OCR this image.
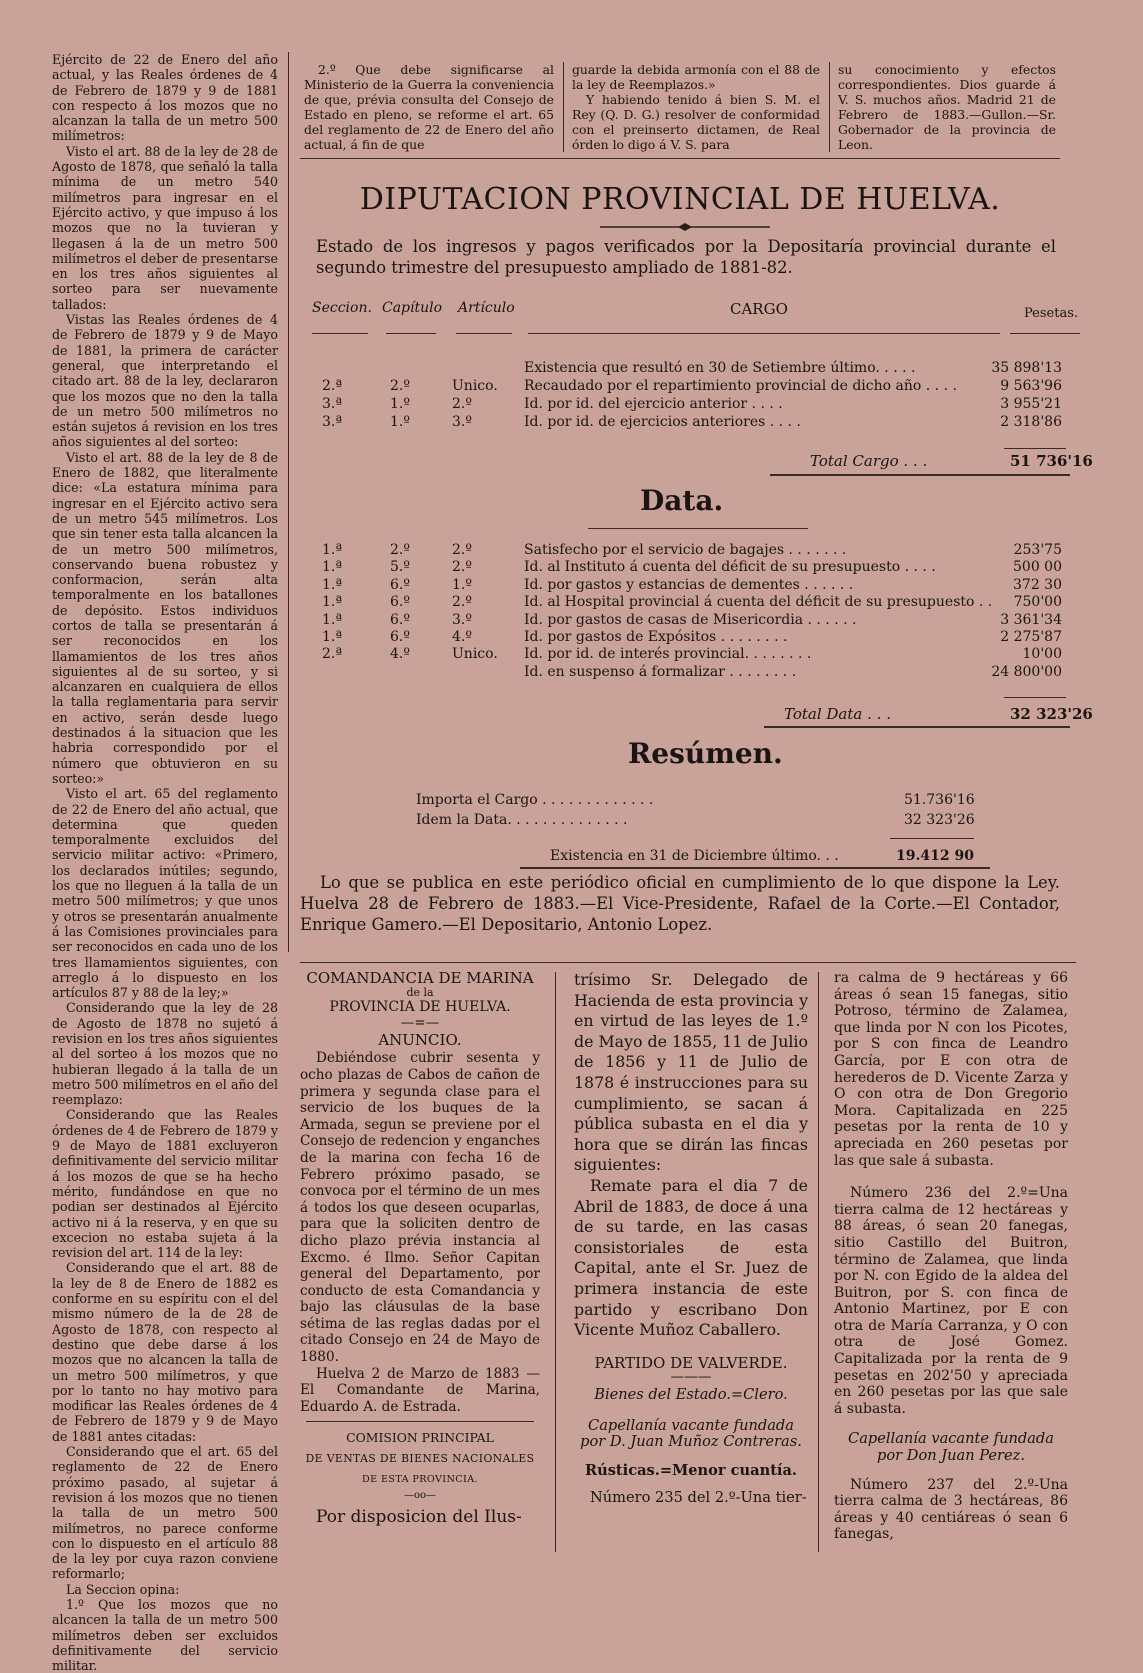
Ejército de 22 de Enero del año actual, y las Reales órdenes de 4 de Febrero de 1879 y 9 de 1881 con respecto á los mozos que no alcanzan la talla de un metro 500 milímetros:

Visto el art. 88 de la ley de 28 de Agosto de 1878, que señaló la talla mínima de un metro 540 milímetros para ingresar en el Ejército activo, y que impuso á los mozos que no la tuvieran y llegasen á la de un metro 500 milímetros el deber de presentarse en los tres años siguientes al sorteo para ser nuevamente tallados:

Vistas las Reales órdenes de 4 de Febrero de 1879 y 9 de Mayo de 1881, la primera de carácter general, que interpretando el citado art. 88 de la ley, declararon que los mozos que no den la talla de un metro 500 milímetros no están sujetos á revision en los tres años siguientes al del sorteo:

Visto el art. 88 de la ley de 8 de Enero de 1882, que literalmente dice: «La estatura mínima para ingresar en el Ejército activo sera de un metro 545 milímetros. Los que sin tener esta talla alcancen la de un metro 500 milímetros, conservando buena robustez y conformacion, serán alta temporalmente en los batallones de depósito. Estos individuos cortos de talla se presentarán á ser reconocidos en los llamamientos de los tres años siguientes al de su sorteo, y si alcanzaren en cualquiera de ellos la talla reglamentaria para servir en activo, serán desde luego destinados á la situacion que les habria correspondido por el número que obtuvieron en su sorteo:»

Visto el art. 65 del reglamento de 22 de Enero del año actual, que determina que queden temporalmente excluidos del servicio militar activo: «Primero, los declarados inútiles; segundo, los que no lleguen á la talla de un metro 500 milímetros; y que unos y otros se presentarán anualmente á las Comisiones provinciales para ser reconocidos en cada uno de los tres llamamientos siguientes, con arreglo á lo dispuesto en los artículos 87 y 88 de la ley;»

Considerando que la ley de 28 de Agosto de 1878 no sujetó á revision en los tres años siguientes al del sorteo á los mozos que no hubieran llegado á la talla de un metro 500 milímetros en el año del reemplazo:

Considerando que las Reales órdenes de 4 de Febrero de 1879 y 9 de Mayo de 1881 excluyeron definitivamente del servicio militar á los mozos de que se ha hecho mérito, fundándose en que no podian ser destinados al Ejército activo ni á la reserva, y en que su excecion no estaba sujeta á la revision del art. 114 de la ley:

Considerando que el art. 88 de la ley de 8 de Enero de 1882 es conforme en su espíritu con el del mismo número de la de 28 de Agosto de 1878, con respecto al destino que debe darse á los mozos que no alcancen la talla de un metro 500 milímetros, y que por lo tanto no hay motivo para modificar las Reales órdenes de 4 de Febrero de 1879 y 9 de Mayo de 1881 antes citadas:

Considerando que el art. 65 del reglamento de 22 de Enero próximo pasado, al sujetar á revision á los mozos que no tienen la talla de un metro 500 milímetros, no parece conforme con lo dispuesto en el artículo 88 de la ley por cuya razon conviene reformarlo;

La Seccion opina:

1.º Que los mozos que no alcancen la talla de un metro 500 milímetros deben ser excluidos definitivamente del servicio militar.

2.º Que debe significarse al Ministerio de la Guerra la conveniencia de que, prévia consulta del Consejo de Estado en pleno, se reforme el art. 65 del reglamento de 22 de Enero del año actual, á fin de que

guarde la debida armonía con el 88 de la ley de Reemplazos.»

Y habiendo tenido á bien S. M. el Rey (Q. D. G.) resolver de conformidad con el preinserto dictamen, de Real órden lo digo á V. S. para

su conocimiento y efectos correspondientes. Dios guarde á V. S. muchos años. Madrid 21 de Febrero de 1883.—Gullon.—Sr. Gobernador de la provincia de Leon.

DIPUTACION PROVINCIAL DE HUELVA.
Estado de los ingresos y pagos verificados por la Depositaría provincial durante el segundo trimestre del presupuesto ampliado de 1881-82.
Seccion. Capítulo Artículo	CARGO	Pesetas.
Existencia que resultó en 30 de Setiembre último. . . . .	35 898'13
2.ª	2.º	Unico.	Recaudado por el repartimiento provincial de dicho año . . . .	9 563'96
3.ª	1.º	2.º	Id. por id. del ejercicio anterior . . . .	3 955'21
3.ª	1.º	3.º	Id. por id. de ejercicios anteriores . . . .	2 318'86
Total Cargo . . .	51 736'16
Data.
1.ª	2.º	2.º	Satisfecho por el servicio de bagajes . . . . . . .	253'75
1.ª	5.º	2.º	Id. al Instituto á cuenta del déficit de su presupuesto . . . .	500 00
1.ª	6.º	1.º	Id. por gastos y estancias de dementes . . . . . .	372 30
1.ª	6.º	2.º	Id. al Hospital provincial á cuenta del déficit de su presupuesto . .	750'00
1.ª	6.º	3.º	Id. por gastos de casas de Misericordia . . . . . .	3 361'34
1.ª	6.º	4.º	Id. por gastos de Expósitos . . . . . . . .	2 275'87
2.ª	4.º	Unico.	Id. por id. de interés provincial. . . . . . . .	10'00
Id. en suspenso á formalizar . . . . . . . .	24 800'00
Total Data . . .	32 323'26
Resúmen.
Importa el Cargo . . . . . . . . . . . . .	51.736'16
Idem la Data. . . . . . . . . . . . . .	32 323'26
Existencia en 31 de Diciembre último. . .	19.412 90

Lo que se publica en este periódico oficial en cumplimiento de lo que dispone la Ley. Huelva 28 de Febrero de 1883.—El Vice-Presidente, Rafael de la Corte.—El Contador, Enrique Gamero.—El Depositario, Antonio Lopez.

COMANDANCIA DE MARINA

de la

PROVINCIA DE HUELVA.

—=—

ANUNCIO.

Debiéndose cubrir sesenta y ocho plazas de Cabos de cañon de primera y segunda clase para el servicio de los buques de la Armada, segun se previene por el Consejo de redencion y enganches de la marina con fecha 16 de Febrero próximo pasado, se convoca por el término de un mes á todos los que deseen ocuparlas, para que la soliciten dentro de dicho plazo prévia instancia al Excmo. é Ilmo. Señor Capitan general del Departamento, por conducto de esta Comandancia y bajo las cláusulas de la base sétima de las reglas dadas por el citado Consejo en 24 de Mayo de 1880.

Huelva 2 de Marzo de 1883 — El Comandante de Marina, Eduardo A. de Estrada.

COMISION PRINCIPAL

DE VENTAS DE BIENES NACIONALES

DE ESTA PROVINCIA.

—oo—

Por disposicion del Ilus-

trísimo Sr. Delegado de Hacienda de esta provincia y en virtud de las leyes de 1.º de Mayo de 1855, 11 de Julio de 1856 y 11 de Julio de 1878 é instrucciones para su cumplimiento, se sacan á pública subasta en el dia y hora que se dirán las fincas siguientes:

Remate para el dia 7 de Abril de 1883, de doce á una de su tarde, en las casas consistoriales de esta Capital, ante el Sr. Juez de primera instancia de este partido y escribano Don Vicente Muñoz Caballero.

PARTIDO DE VALVERDE.

———

Bienes del Estado.=Clero.

Capellanía vacante fundada por D. Juan Muñoz Contreras.

Rústicas.=Menor cuantía.

Número 235 del 2.º-Una tier-

ra calma de 9 hectáreas y 66 áreas ó sean 15 fanegas, sitio Potroso, término de Zalamea, que linda por N con los Picotes, por S con finca de Leandro García, por E con otra de herederos de D. Vicente Zarza y O con otra de Don Gregorio Mora. Capitalizada en 225 pesetas por la renta de 10 y apreciada en 260 pesetas por las que sale á subasta.

Número 236 del 2.º=Una tierra calma de 12 hectáreas y 88 áreas, ó sean 20 fanegas, sitio Castillo del Buitron, término de Zalamea, que linda por N. con Egido de la aldea del Buitron, por S. con finca de Antonio Martinez, por E con otra de María Carranza, y O con otra de José Gomez. Capitalizada por la renta de 9 pesetas en 202'50 y apreciada en 260 pesetas por las que sale á subasta.

Capellanía vacante fundada por Don Juan Perez.

Número 237 del 2.º-Una tierra calma de 3 hectáreas, 86 áreas y 40 centiáreas ó sean 6 fanegas,
